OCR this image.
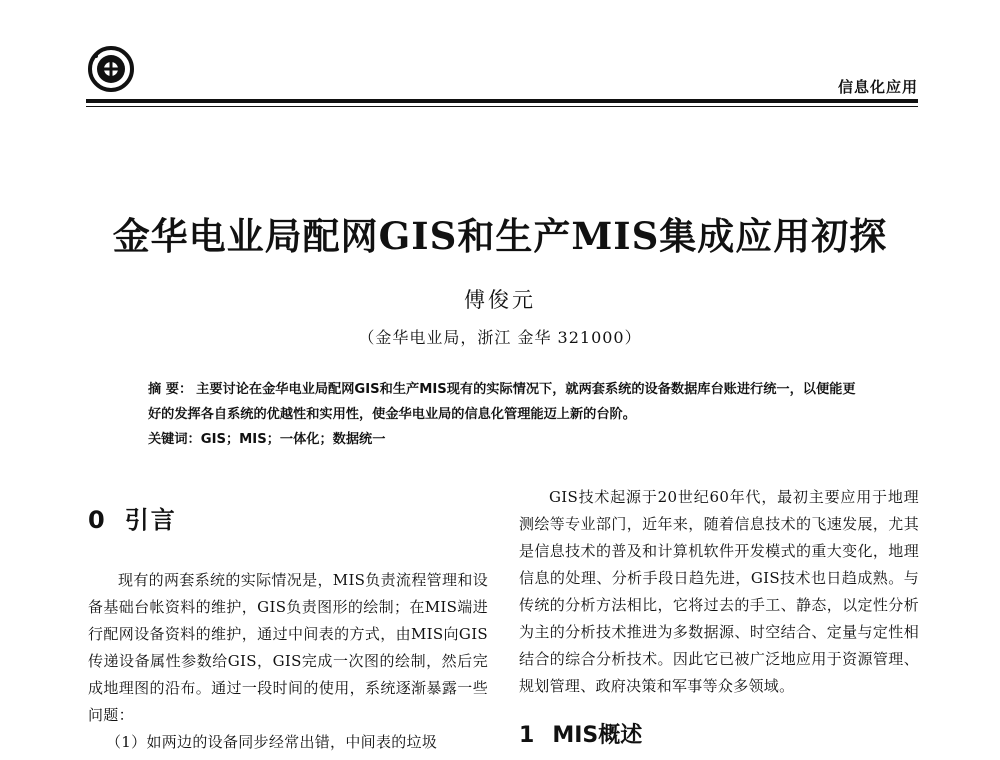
信息化应用
金华电业局配网GIS和生产MIS集成应用初探
傅俊元
（金华电业局，浙江 金华 321000）
摘 要： 主要讨论在金华电业局配网GIS和生产MIS现有的实际情况下，就两套系统的设备数据库台账进行统一，以便能更好的发挥各自系统的优越性和实用性，使金华电业局的信息化管理能迈上新的台阶。
关键词：GIS；MIS；一体化；数据统一
0 引言

现有的两套系统的实际情况是，MIS负责流程管理和设备基础台帐资料的维护，GIS负责图形的绘制；在MIS端进行配网设备资料的维护，通过中间表的方式，由MIS向GIS传递设备属性参数给GIS，GIS完成一次图的绘制，然后完成地理图的沿布。通过一段时间的使用，系统逐渐暴露一些问题：

（1）如两边的设备同步经常出错，中间表的垃圾

GIS技术起源于20世纪60年代，最初主要应用于地理测绘等专业部门，近年来，随着信息技术的飞速发展，尤其是信息技术的普及和计算机软件开发模式的重大变化，地理信息的处理、分析手段日趋先进，GIS技术也日趋成熟。与传统的分析方法相比，它将过去的手工、静态，以定性分析为主的分析技术推进为多数据源、时空结合、定量与定性相结合的综合分析技术。因此它已被广泛地应用于资源管理、规划管理、政府决策和军事等众多领域。

1 MIS概述
